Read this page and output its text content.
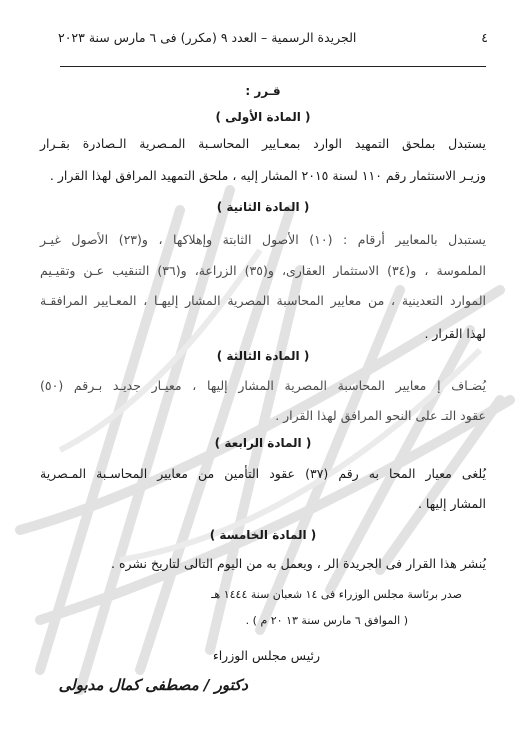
٤
الجريدة الرسمية – العدد ٩ (مكرر) فى ٦ مارس سنة ٢٠٢٣
قـرر :
( المادة الأولى )
يستبدل بملحق التمهيد الوارد بمعـايير المحاسـبة المـصرية الـصادرة بقـرار
وزيـر الاستثمار رقم ١١٠ لسنة ٢٠١٥ المشار إليه ، ملحق التمهيد المرافق لهذا القرار .
( المادة الثانية )
يستبدل بالمعايير أرقام : (١٠) الأصول الثابتة وإهلاكها ، و(٢٣) الأصول غيـر
الملموسة ، و(٣٤) الاستثمار العقارى، و(٣٥) الزراعة، و(٣٦) التنقيب عـن وتقيـيم
الموارد التعدينية ، من معايير المحاسبة المصرية المشار إليهـا ، المعـايير المرافقـة
لهذا القرار .
( المادة الثالثة )
يُضـاف إ معايير المحاسبة المصرية المشار إليها ، معيـار جديـد بـرقم (٥٠)
عقود التـ على النحو المرافق لهذا القرار .
( المادة الرابعة )
يُلغى معيار المحا به رقم (٣٧) عقود التأمين من معايير المحاسـبة المـصرية
المشار إليها .
( المادة الخامسة )
يُنشر هذا القرار فى الجريدة الر ، ويعمل به من اليوم التالى لتاريخ نشره .
صدر برئاسة مجلس الوزراء فى ١٤ شعبان سنة ١٤٤٤ هـ
( الموافق ٦ مارس سنة ١٣ ٢٠ م ) .
رئيس مجلس الوزراء
دكتور / مصطفى كمال مدبولى
